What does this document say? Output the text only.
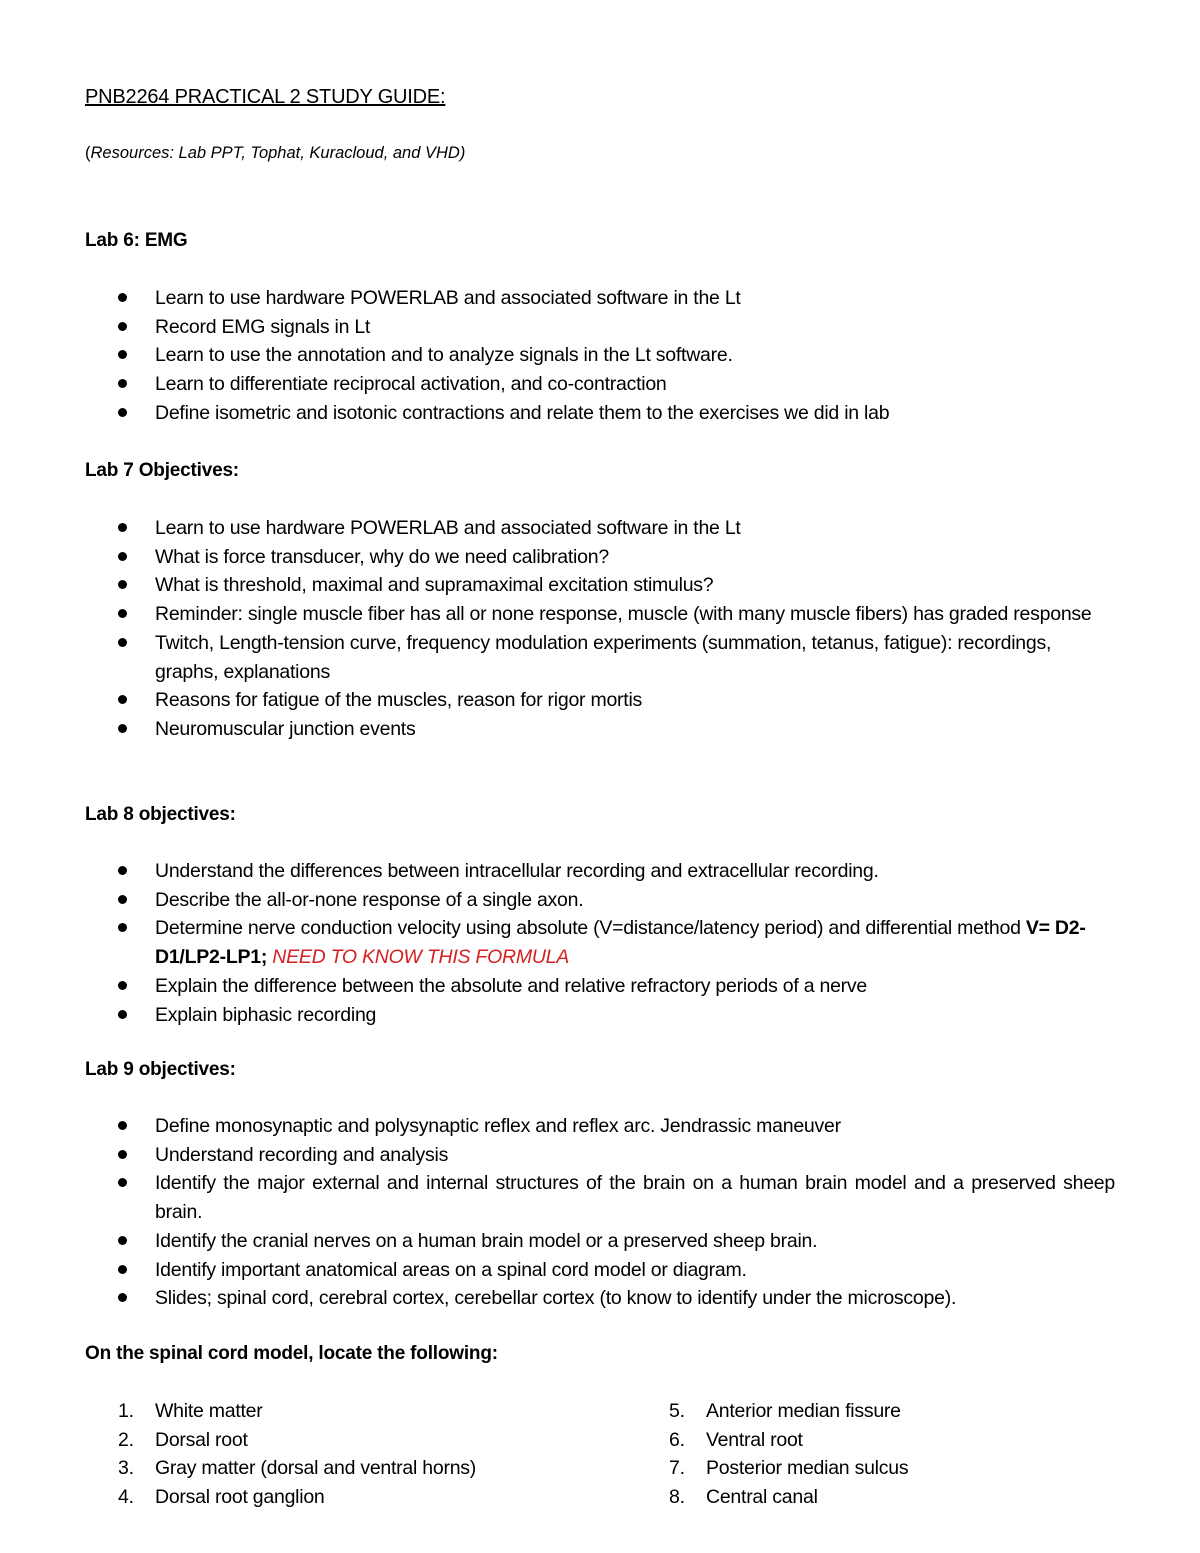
PNB2264 PRACTICAL 2 STUDY GUIDE:
(Resources: Lab PPT, Tophat, Kuracloud, and VHD)
Lab 6: EMG
Learn to use hardware POWERLAB and associated software in the Lt
Record EMG signals in Lt
Learn to use the annotation and to analyze signals in the Lt software.
Learn to differentiate reciprocal activation, and co-contraction
Define isometric and isotonic contractions and relate them to the exercises we did in lab
Lab 7 Objectives:
Learn to use hardware POWERLAB and associated software in the Lt
What is force transducer, why do we need calibration?
What is threshold, maximal and supramaximal excitation stimulus?
Reminder: single muscle fiber has all or none response, muscle (with many muscle fibers) has graded response
Twitch, Length-tension curve, frequency modulation experiments (summation, tetanus, fatigue): recordings, graphs, explanations
Reasons for fatigue of the muscles, reason for rigor mortis
Neuromuscular junction events
Lab 8 objectives:
Understand the differences between intracellular recording and extracellular recording.
Describe the all-or-none response of a single axon.
Determine nerve conduction velocity using absolute (V=distance/latency period) and differential method V= D2-D1/LP2-LP1; NEED TO KNOW THIS FORMULA
Explain the difference between the absolute and relative refractory periods of a nerve
Explain biphasic recording
Lab 9 objectives:
Define monosynaptic and polysynaptic reflex and reflex arc. Jendrassic maneuver
Understand recording and analysis
Identify the major external and internal structures of the brain on a human brain model and a preserved sheep brain.
Identify the cranial nerves on a human brain model or a preserved sheep brain.
Identify important anatomical areas on a spinal cord model or diagram.
Slides; spinal cord, cerebral cortex, cerebellar cortex (to know to identify under the microscope).
On the spinal cord model, locate the following:
1.	White matter
2.	Dorsal root
3.	Gray matter (dorsal and ventral horns)
4.	Dorsal root ganglion
5.	Anterior median fissure
6.	Ventral root
7.	Posterior median sulcus
8.	Central canal
